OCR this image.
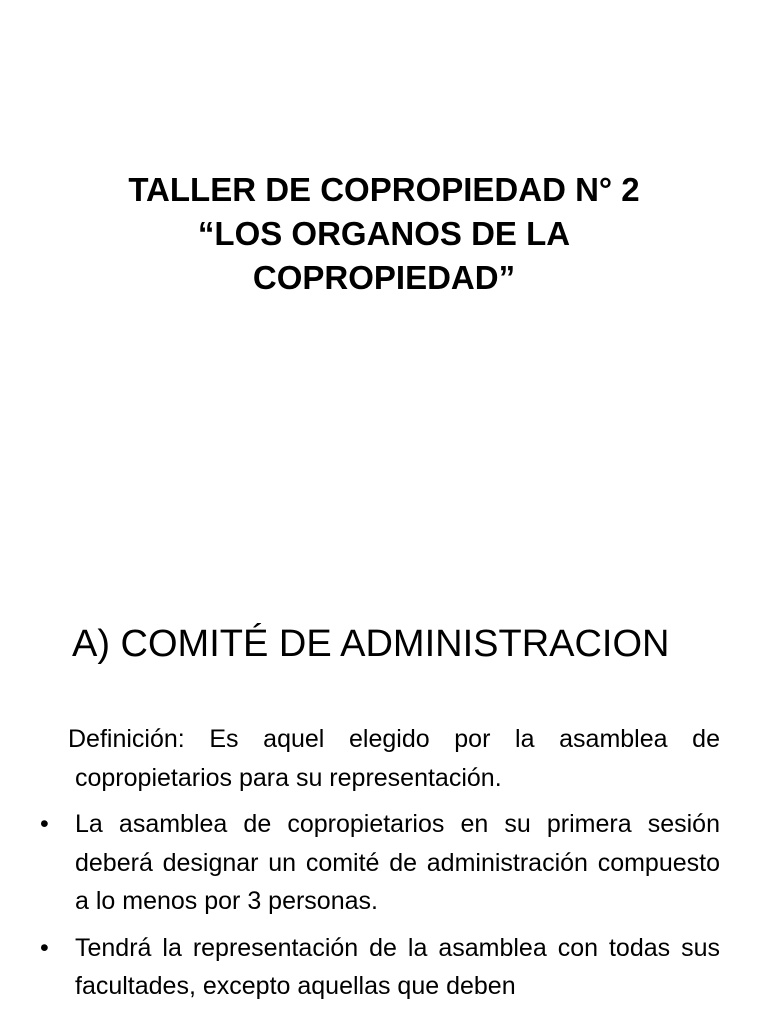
TALLER DE COPROPIEDAD N° 2
“LOS ORGANOS DE LA
COPROPIEDAD”
A) COMITÉ DE ADMINISTRACION

Definición: Es aquel elegido por la asamblea de copropietarios para su representación.

• La asamblea de copropietarios en su primera sesión deberá designar un comité de administración compuesto a lo menos por 3 personas.
• Tendrá la representación de la asamblea con todas sus facultades, excepto aquellas que deben
